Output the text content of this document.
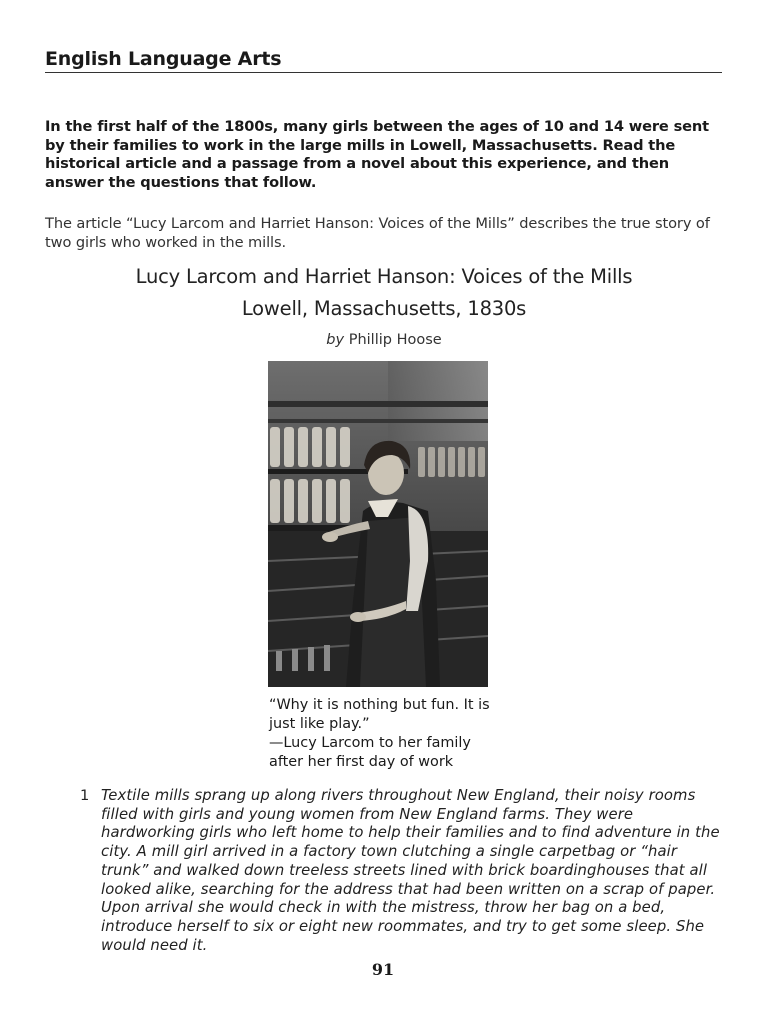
English Language Arts
In the first half of the 1800s, many girls between the ages of 10 and 14 were sent by their families to work in the large mills in Lowell, Massachusetts. Read the historical article and a passage from a novel about this experience, and then answer the questions that follow.
The article “Lucy Larcom and Harriet Hanson: Voices of the Mills” describes the true story of two girls who worked in the mills.
Lucy Larcom and Harriet Hanson: Voices of the Mills
Lowell, Massachusetts, 1830s
by Phillip Hoose
“Why it is nothing but fun. It is just like play.”
—Lucy Larcom to her family after her first day of work
1 Textile mills sprang up along rivers throughout New England, their noisy rooms filled with girls and young women from New England farms. They were hardworking girls who left home to help their families and to find adventure in the city. A mill girl arrived in a factory town clutching a single carpetbag or “hair trunk” and walked down treeless streets lined with brick boardinghouses that all looked alike, searching for the address that had been written on a scrap of paper. Upon arrival she would check in with the mistress, throw her bag on a bed, introduce herself to six or eight new roommates, and try to get some sleep. She would need it.
91
